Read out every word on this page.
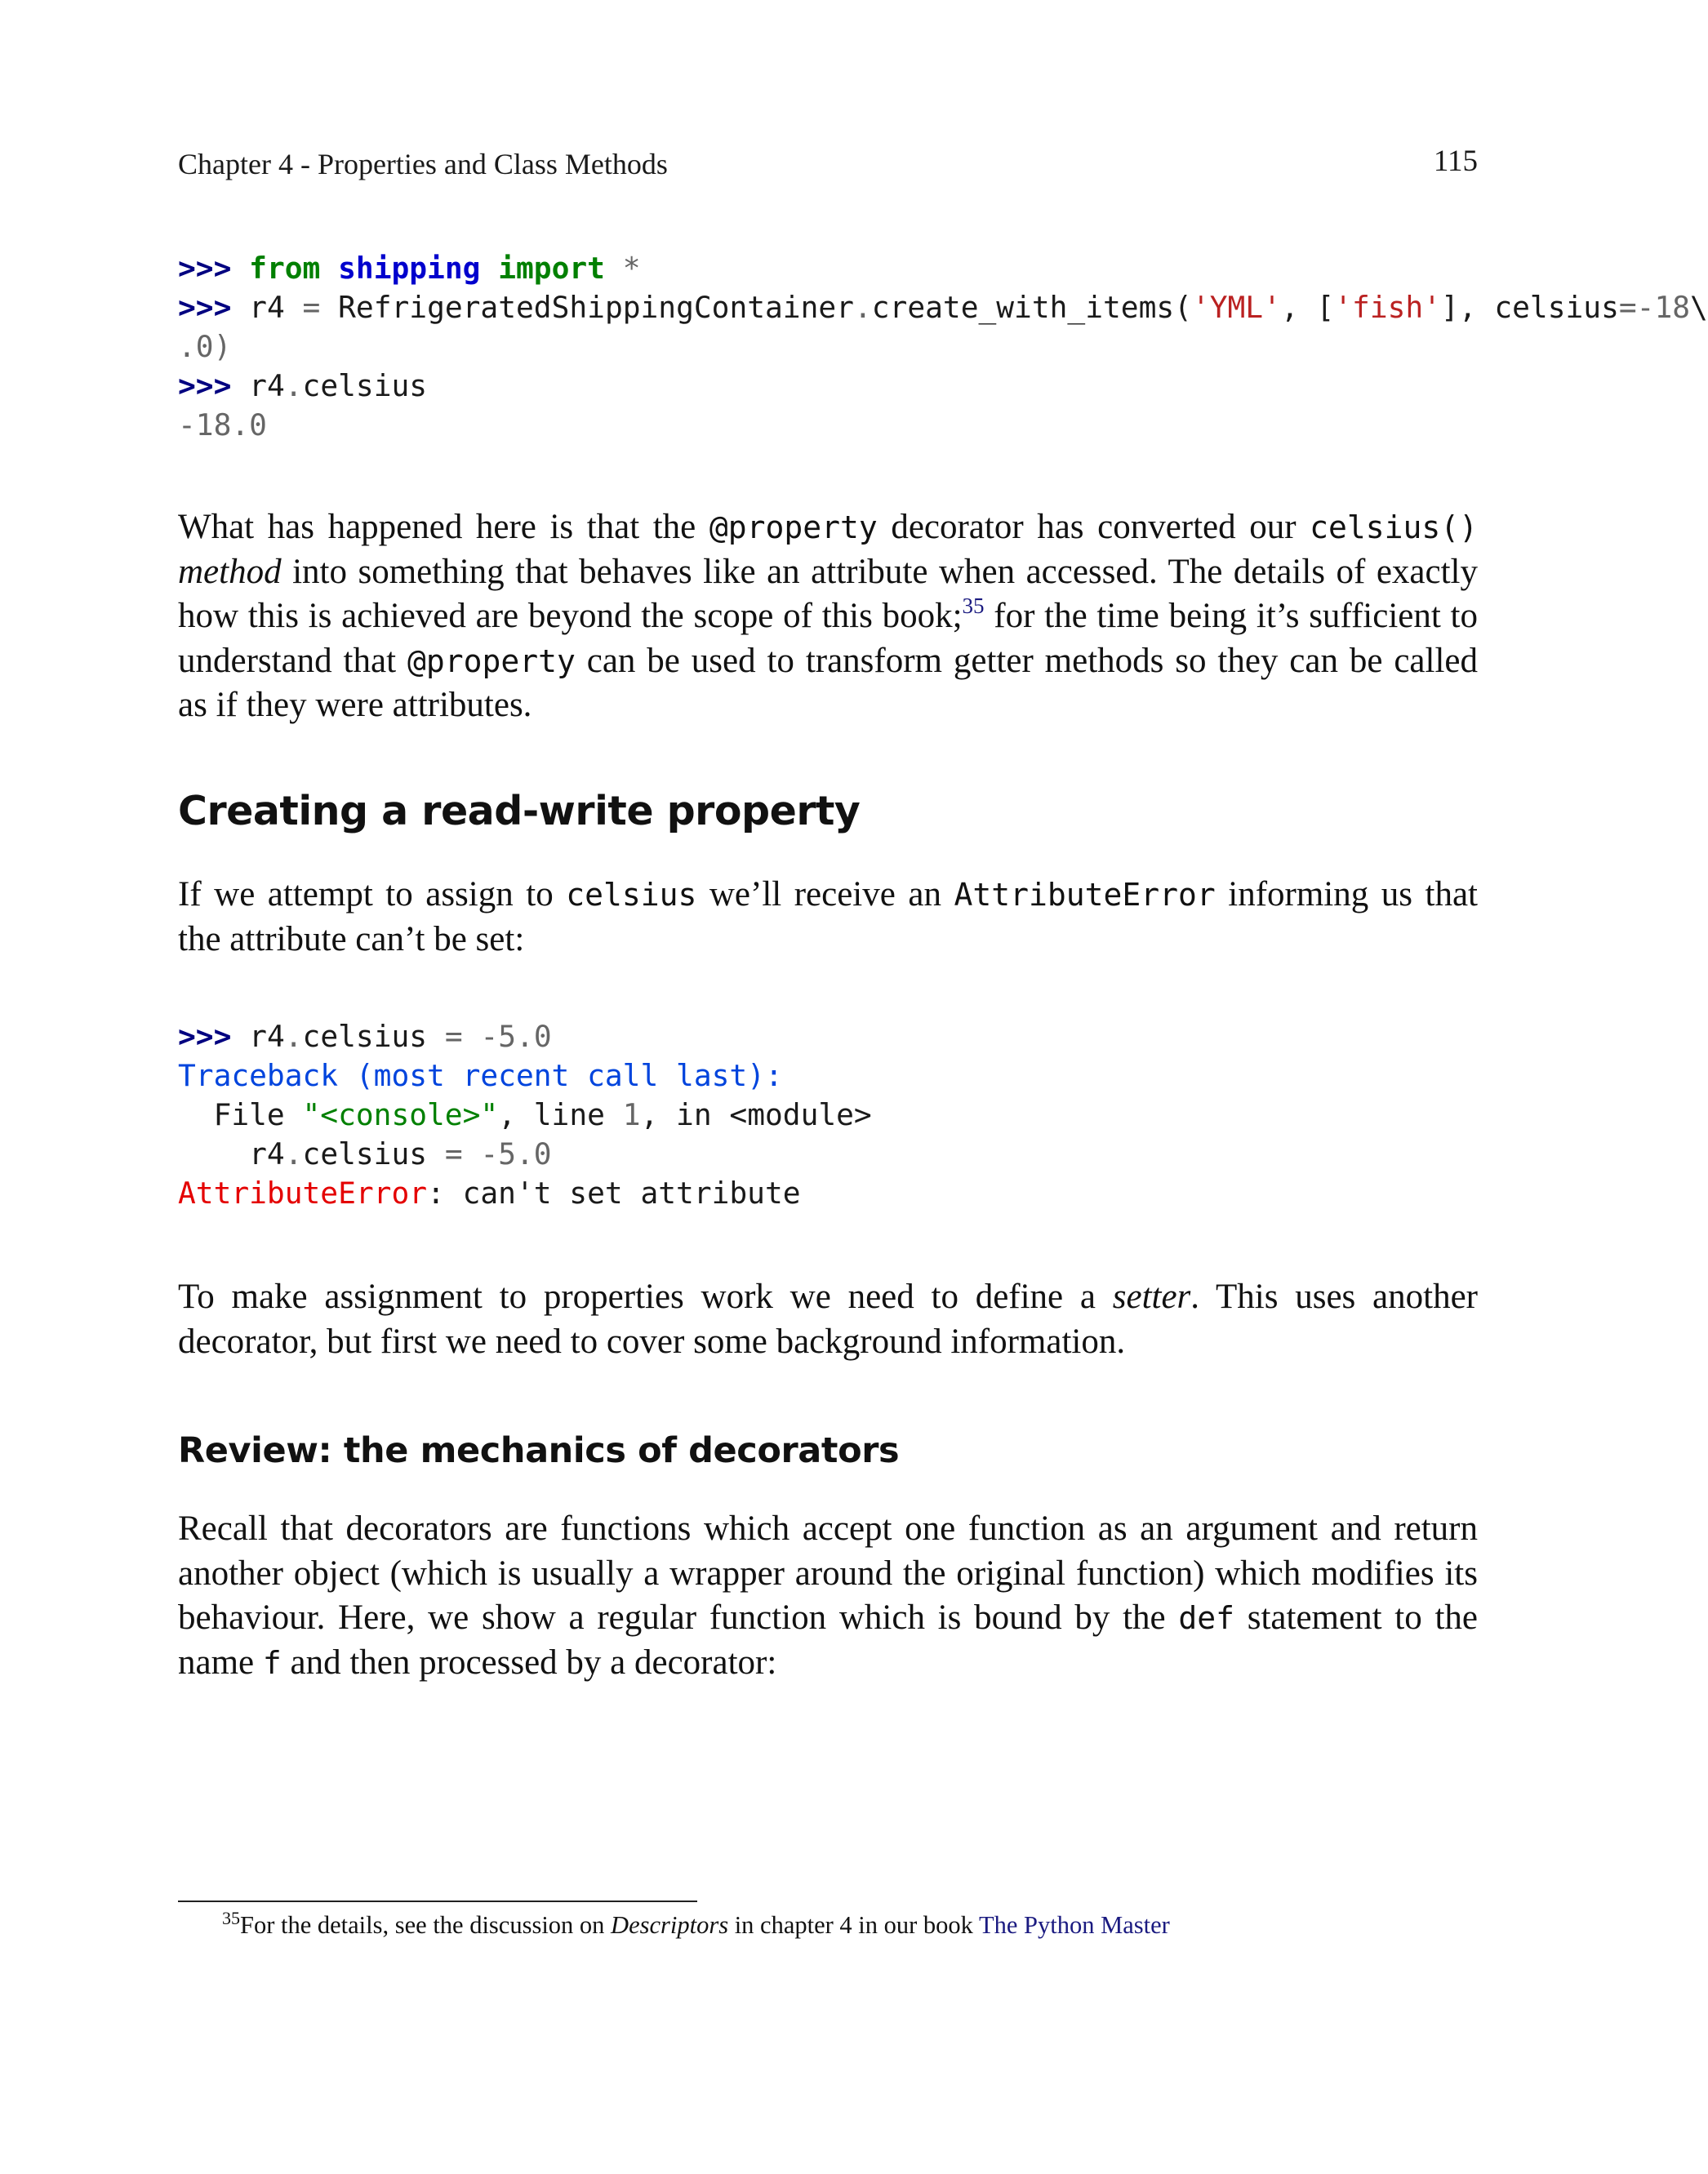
Chapter 4 - Properties and Class Methods	115
>>> from shipping import *
>>> r4 = RefrigeratedShippingContainer.create_with_items('YML', ['fish'], celsius=-18\
.0)
>>> r4.celsius
-18.0

What has happened here is that the @property decorator has converted our celsius() method into something that behaves like an attribute when accessed. The details of exactly how this is achieved are beyond the scope of this book;$^{35}$ for the time being it’s sufficient to understand that @property can be used to transform getter methods so they can be called as if they were attributes.

Creating a read-write property

If we attempt to assign to celsius we’ll receive an AttributeError informing us that the attribute can’t be set:

>>> r4.celsius = -5.0
Traceback (most recent call last):
File "<console>", line 1, in <module>
r4.celsius = -5.0
AttributeError: can't set attribute

To make assignment to properties work we need to define a setter. This uses another decorator, but first we need to cover some background information.

Review: the mechanics of decorators

Recall that decorators are functions which accept one function as an argument and return another object (which is usually a wrapper around the original function) which modifies its behaviour. Here, we show a regular function which is bound by the def statement to the name f and then processed by a decorator:

$^{35}$For the details, see the discussion on Descriptors in chapter 4 in our book The Python Master
